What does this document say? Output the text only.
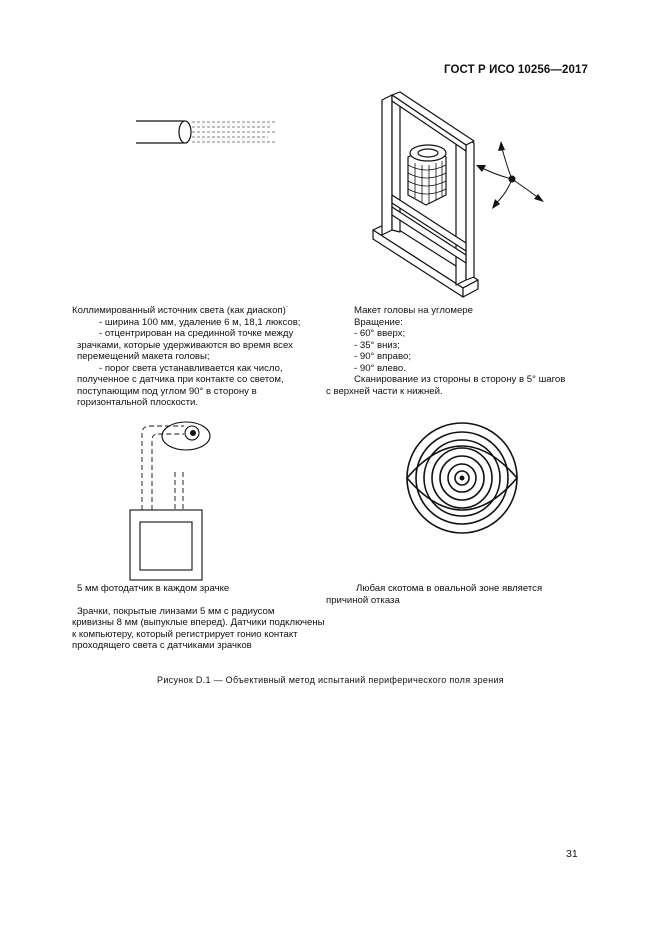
ГОСТ Р ИСО 10256—2017
Коллимированный источник света (как диаскоп)˙
- ширина 100 мм, удаление 6 м, 18,1 люксов;
- отцентрирован на срединной точке между
зрачками, которые удерживаются во время всех
перемещений макета головы;
- порог света устанавливается как число,
полученное с датчика при контакте со светом,
поступающим под углом 90° в сторону в
горизонтальной плоскости.
Макет головы на угломере
Вращение:
- 60° вверх;
- 35° вниз;
- 90° вправо;
- 90° влево.
Сканирование из стороны в сторону в 5° шагов
с верхней части к нижней.
5 мм фотодатчик в каждом зрачке
Зрачки, покрытые линзами 5 мм с радиусом
кривизны 8 мм (выпуклые вперед). Датчики подключены
к компьютеру, который регистрирует гонио контакт
проходящего света с датчиками зрачков
Любая скотома в овальной зоне является
причиной отказа
Рисунок D.1 — Объективный метод испытаний периферического поля зрения
31
